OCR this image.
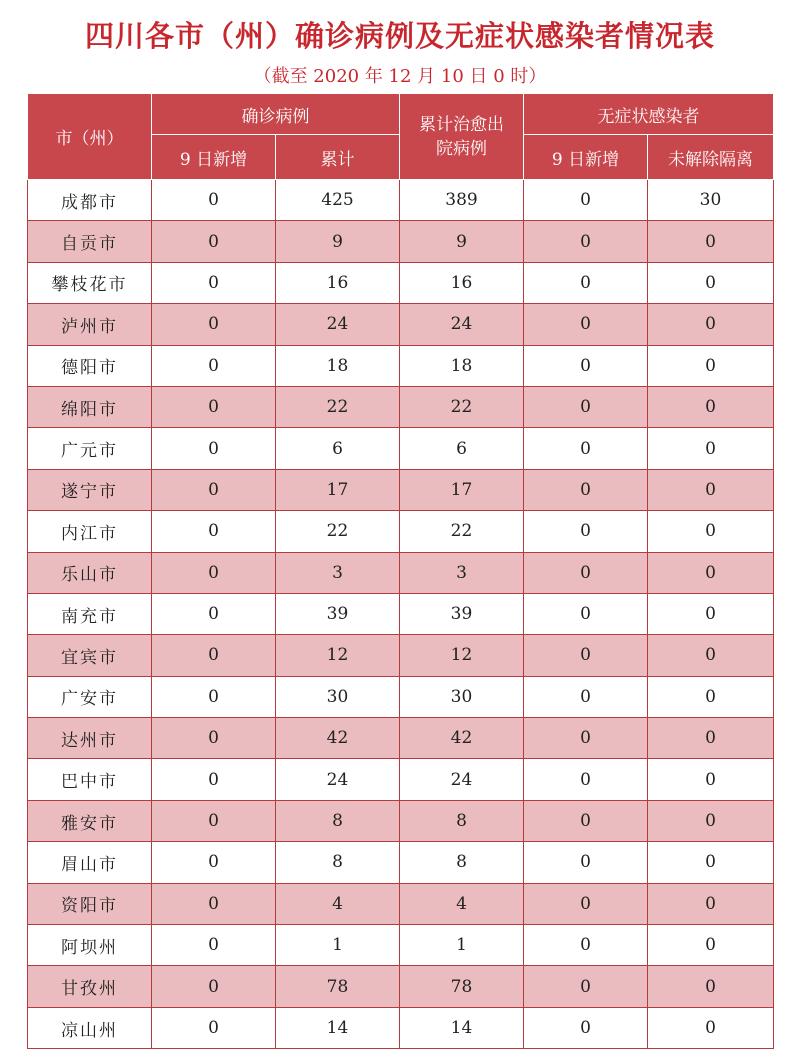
四川各市（州）确诊病例及无症状感染者情况表
（截至 2020 年 12 月 10 日 0 时）
市（州）	确诊病例		累计治愈出院病例	无症状感染者	
	9 日新增	累计		9 日新增	未解除隔离
成都市	0	425	389	0	30
自贡市	0	9	9	0	0
攀枝花市	0	16	16	0	0
泸州市	0	24	24	0	0
德阳市	0	18	18	0	0
绵阳市	0	22	22	0	0
广元市	0	6	6	0	0
遂宁市	0	17	17	0	0
内江市	0	22	22	0	0
乐山市	0	3	3	0	0
南充市	0	39	39	0	0
宜宾市	0	12	12	0	0
广安市	0	30	30	0	0
达州市	0	42	42	0	0
巴中市	0	24	24	0	0
雅安市	0	8	8	0	0
眉山市	0	8	8	0	0
资阳市	0	4	4	0	0
阿坝州	0	1	1	0	0
甘孜州	0	78	78	0	0
凉山州	0	14	14	0	0
